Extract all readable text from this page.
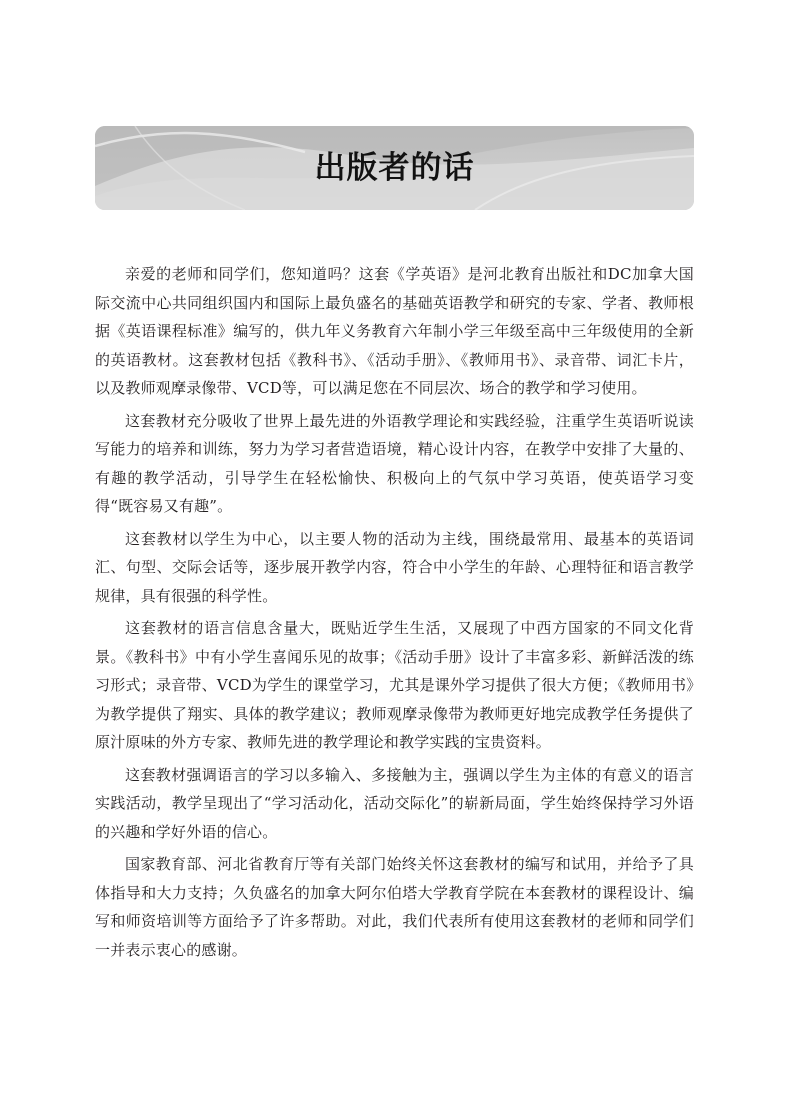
出版者的话

亲爱的老师和同学们，您知道吗？这套《学英语》是河北教育出版社和DC加拿大国际交流中心共同组织国内和国际上最负盛名的基础英语教学和研究的专家、学者、教师根据《英语课程标准》编写的，供九年义务教育六年制小学三年级至高中三年级使用的全新的英语教材。这套教材包括《教科书》、《活动手册》、《教师用书》、录音带、词汇卡片，以及教师观摩录像带、VCD等，可以满足您在不同层次、场合的教学和学习使用。

这套教材充分吸收了世界上最先进的外语教学理论和实践经验，注重学生英语听说读写能力的培养和训练，努力为学习者营造语境，精心设计内容，在教学中安排了大量的、有趣的教学活动，引导学生在轻松愉快、积极向上的气氛中学习英语，使英语学习变得“既容易又有趣”。

这套教材以学生为中心，以主要人物的活动为主线，围绕最常用、最基本的英语词汇、句型、交际会话等，逐步展开教学内容，符合中小学生的年龄、心理特征和语言教学规律，具有很强的科学性。

这套教材的语言信息含量大，既贴近学生生活，又展现了中西方国家的不同文化背景。《教科书》中有小学生喜闻乐见的故事；《活动手册》设计了丰富多彩、新鲜活泼的练习形式；录音带、VCD为学生的课堂学习，尤其是课外学习提供了很大方便；《教师用书》为教学提供了翔实、具体的教学建议；教师观摩录像带为教师更好地完成教学任务提供了原汁原味的外方专家、教师先进的教学理论和教学实践的宝贵资料。

这套教材强调语言的学习以多输入、多接触为主，强调以学生为主体的有意义的语言实践活动，教学呈现出了“学习活动化，活动交际化”的崭新局面，学生始终保持学习外语的兴趣和学好外语的信心。

国家教育部、河北省教育厅等有关部门始终关怀这套教材的编写和试用，并给予了具体指导和大力支持；久负盛名的加拿大阿尔伯塔大学教育学院在本套教材的课程设计、编写和师资培训等方面给予了许多帮助。对此，我们代表所有使用这套教材的老师和同学们一并表示衷心的感谢。
